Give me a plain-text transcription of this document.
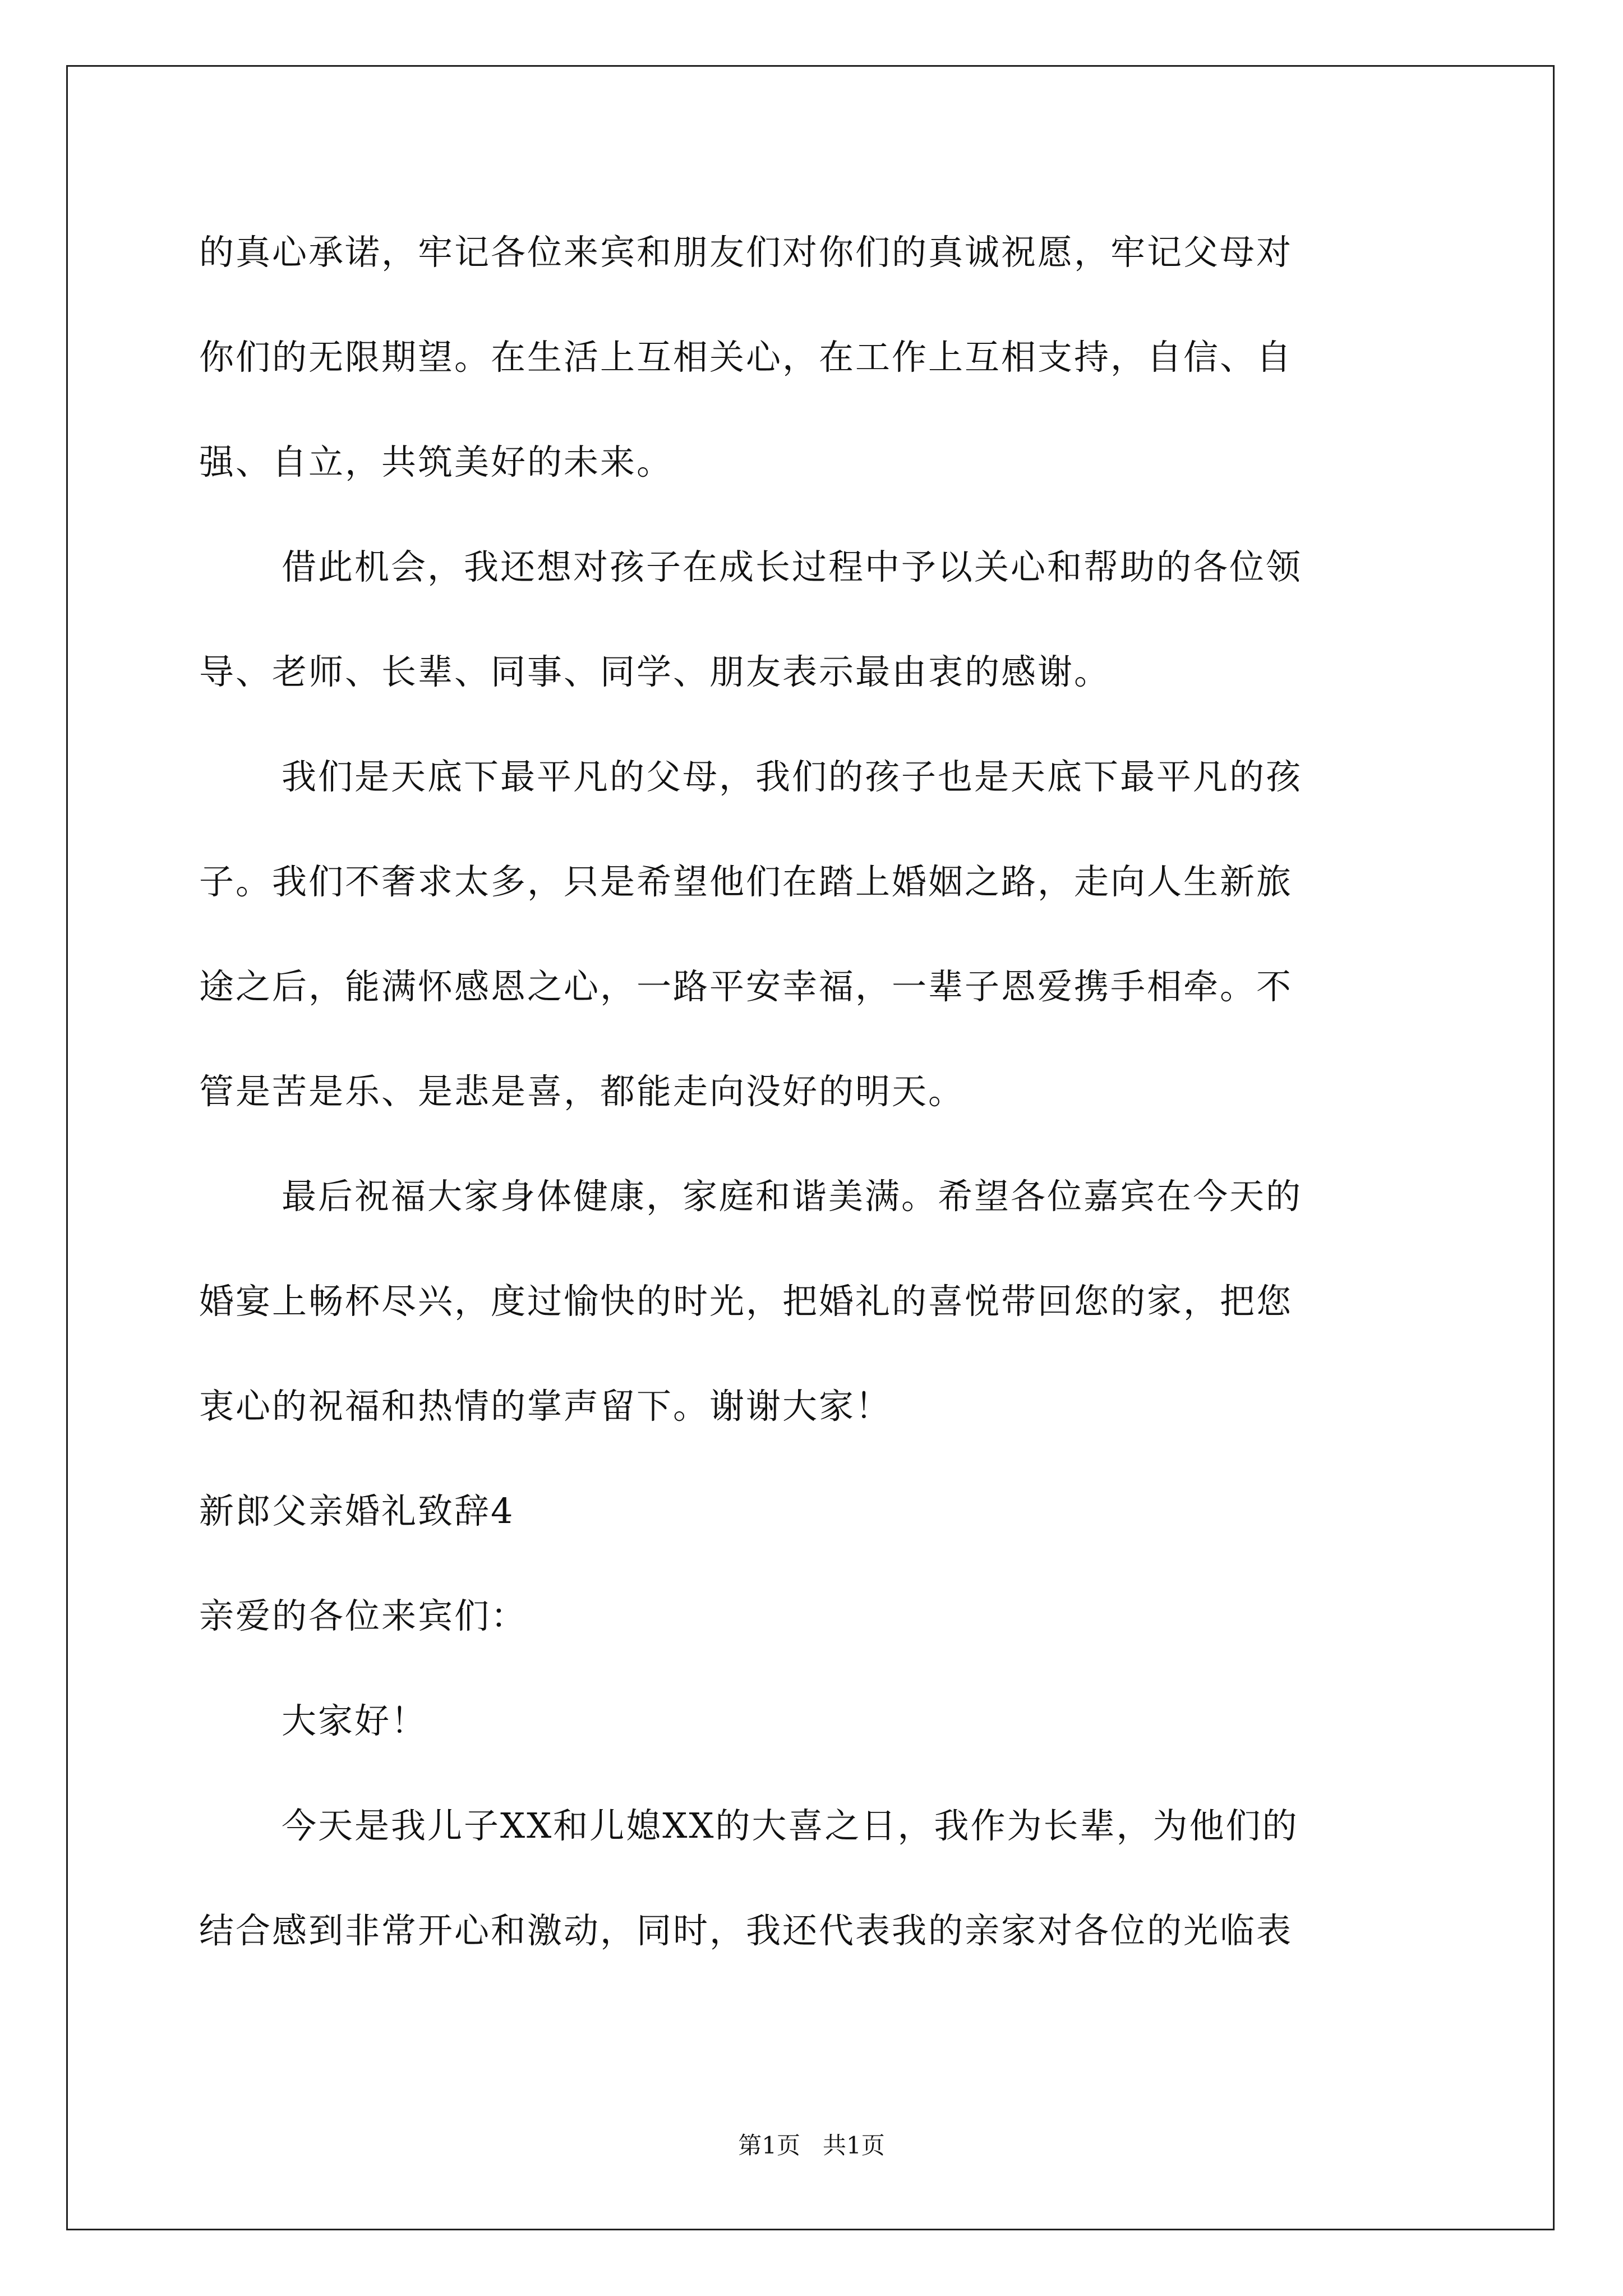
的真心承诺，牢记各位来宾和朋友们对你们的真诚祝愿，牢记父母对
你们的无限期望。在生活上互相关心，在工作上互相支持，自信、自
强、自立，共筑美好的未来。
借此机会，我还想对孩子在成长过程中予以关心和帮助的各位领
导、老师、长辈、同事、同学、朋友表示最由衷的感谢。
我们是天底下最平凡的父母，我们的孩子也是天底下最平凡的孩
子。我们不奢求太多，只是希望他们在踏上婚姻之路，走向人生新旅
途之后，能满怀感恩之心，一路平安幸福，一辈子恩爱携手相牵。不
管是苦是乐、是悲是喜，都能走向没好的明天。
最后祝福大家身体健康，家庭和谐美满。希望各位嘉宾在今天的
婚宴上畅杯尽兴，度过愉快的时光，把婚礼的喜悦带回您的家，把您
衷心的祝福和热情的掌声留下。谢谢大家！
新郎父亲婚礼致辞4
亲爱的各位来宾们：
大家好！
今天是我儿子XX和儿媳XX的大喜之日，我作为长辈，为他们的
结合感到非常开心和激动，同时，我还代表我的亲家对各位的光临表
第1页   共1页
